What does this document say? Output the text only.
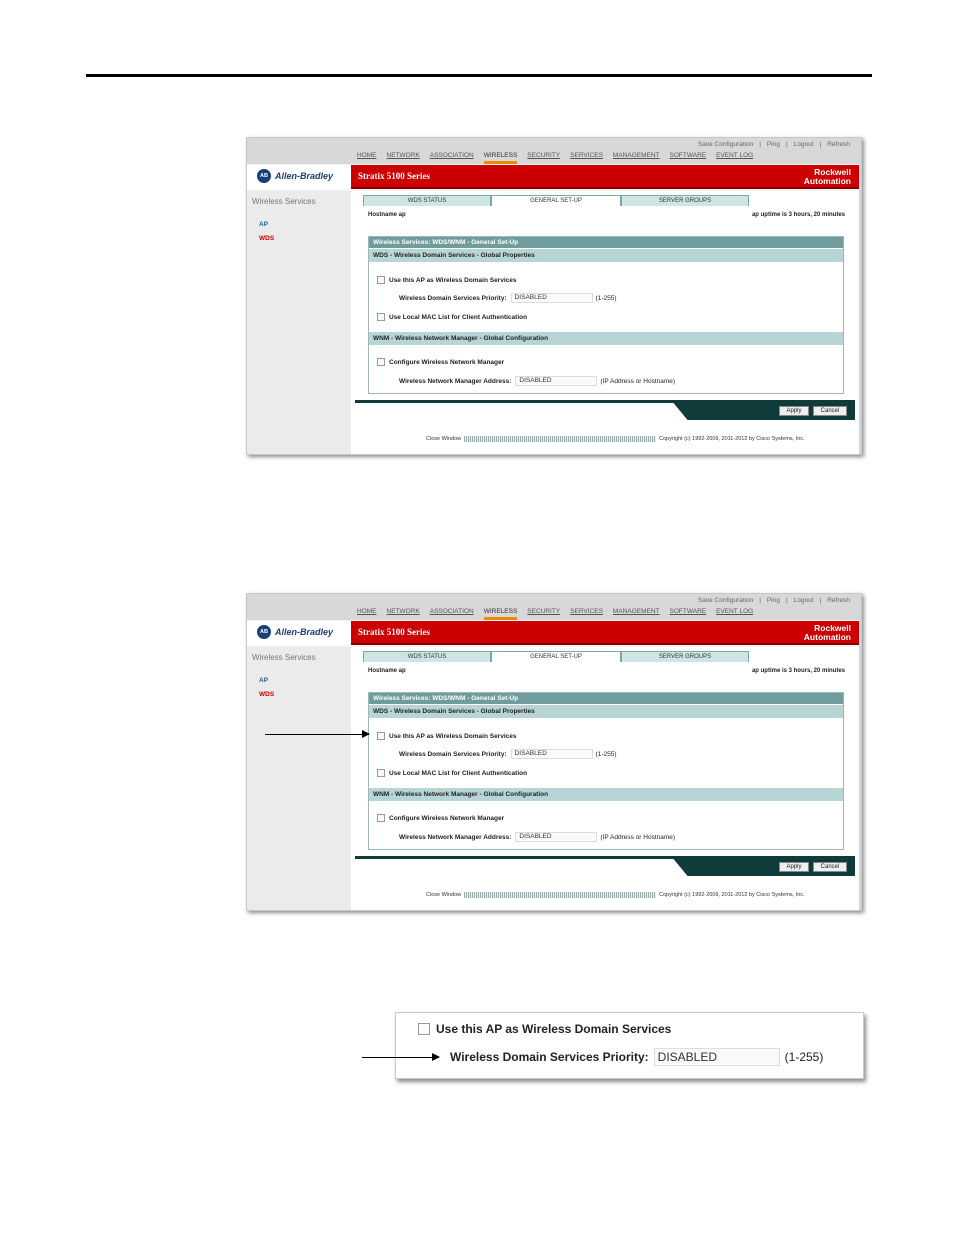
Save Configuration | Ping | Logout | Refresh
HOME NETWORK ASSOCIATION WIRELESS SECURITY SERVICES MANAGEMENT SOFTWARE EVENT LOG
AB Allen-Bradley	Stratix 5100 Series	Rockwell
Automation
Wireless Services
AP
WDS
WDS STATUS	GENERAL SET-UP	SERVER GROUPS
Hostname ap	ap uptime is 3 hours, 20 minutes
Wireless Services: WDS/WNM - General Set-Up
WDS - Wireless Domain Services - Global Properties
Use this AP as Wireless Domain Services
Wireless Domain Services Priority:	DISABLED	(1-255)
Use Local MAC List for Client Authentication
WNM - Wireless Network Manager - Global Configuration
Configure Wireless Network Manager
Wireless Network Manager Address:	DISABLED	(IP Address or Hostname)
Apply	Cancel
Close Window	Copyright (c) 1992-2009, 2011-2012 by Cisco Systems, Inc.
Save Configuration | Ping | Logout | Refresh
HOME NETWORK ASSOCIATION WIRELESS SECURITY SERVICES MANAGEMENT SOFTWARE EVENT LOG
AB Allen-Bradley	Stratix 5100 Series	Rockwell
Automation
Wireless Services
AP
WDS
WDS STATUS	GENERAL SET-UP	SERVER GROUPS
Hostname ap	ap uptime is 3 hours, 20 minutes
Wireless Services: WDS/WNM - General Set-Up
WDS - Wireless Domain Services - Global Properties
Use this AP as Wireless Domain Services
Wireless Domain Services Priority:	DISABLED	(1-255)
Use Local MAC List for Client Authentication
WNM - Wireless Network Manager - Global Configuration
Configure Wireless Network Manager
Wireless Network Manager Address:	DISABLED	(IP Address or Hostname)
Apply	Cancel
Close Window	Copyright (c) 1992-2009, 2011-2012 by Cisco Systems, Inc.
Use this AP as Wireless Domain Services
Wireless Domain Services Priority: DISABLED	(1-255)
